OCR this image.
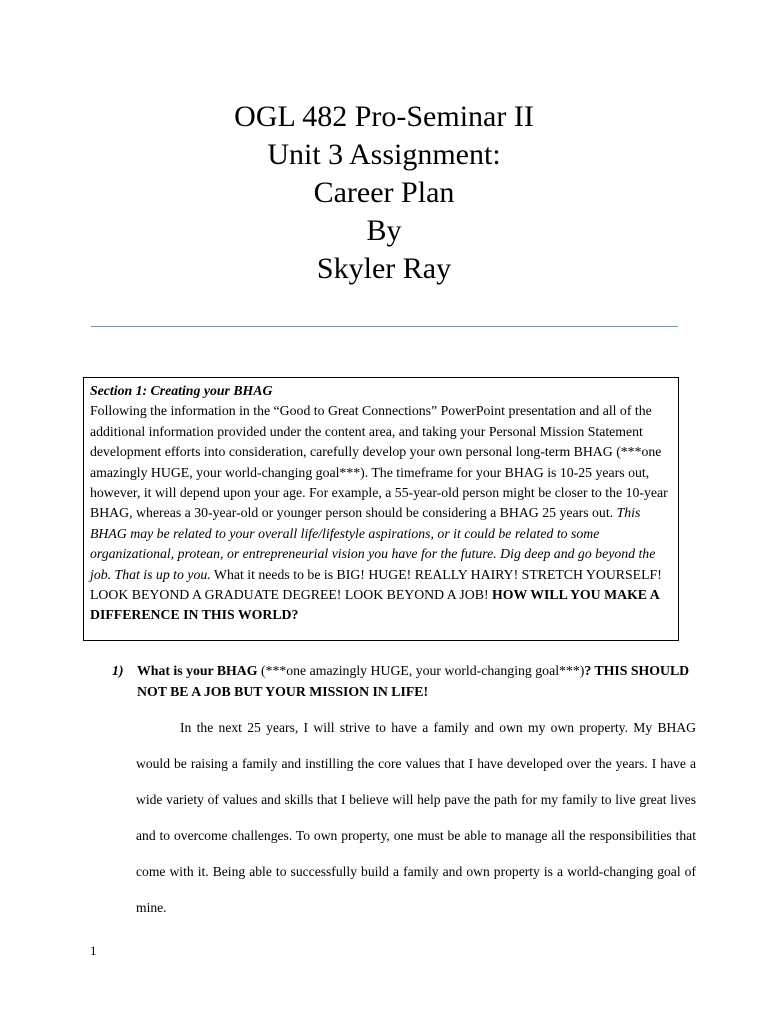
OGL 482 Pro-Seminar II
Unit 3 Assignment:
Career Plan
By
Skyler Ray
Section 1: Creating your BHAG

Following the information in the “Good to Great Connections” PowerPoint presentation and all of the additional information provided under the content area, and taking your Personal Mission Statement development efforts into consideration, carefully develop your own personal long-term BHAG (***one amazingly HUGE, your world-changing goal***). The timeframe for your BHAG is 10-25 years out, however, it will depend upon your age. For example, a 55-year-old person might be closer to the 10-year BHAG, whereas a 30-year-old or younger person should be considering a BHAG 25 years out. This BHAG may be related to your overall life/lifestyle aspirations, or it could be related to some organizational, protean, or entrepreneurial vision you have for the future. Dig deep and go beyond the job. That is up to you. What it needs to be is BIG! HUGE! REALLY HAIRY! STRETCH YOURSELF! LOOK BEYOND A GRADUATE DEGREE! LOOK BEYOND A JOB! HOW WILL YOU MAKE A DIFFERENCE IN THIS WORLD?

1) What is your BHAG (***one amazingly HUGE, your world-changing goal***)? THIS SHOULD NOT BE A JOB BUT YOUR MISSION IN LIFE!

In the next 25 years, I will strive to have a family and own my own property. My BHAG would be raising a family and instilling the core values that I have developed over the years. I have a wide variety of values and skills that I believe will help pave the path for my family to live great lives and to overcome challenges. To own property, one must be able to manage all the responsibilities that come with it. Being able to successfully build a family and own property is a world-changing goal of mine.

1
